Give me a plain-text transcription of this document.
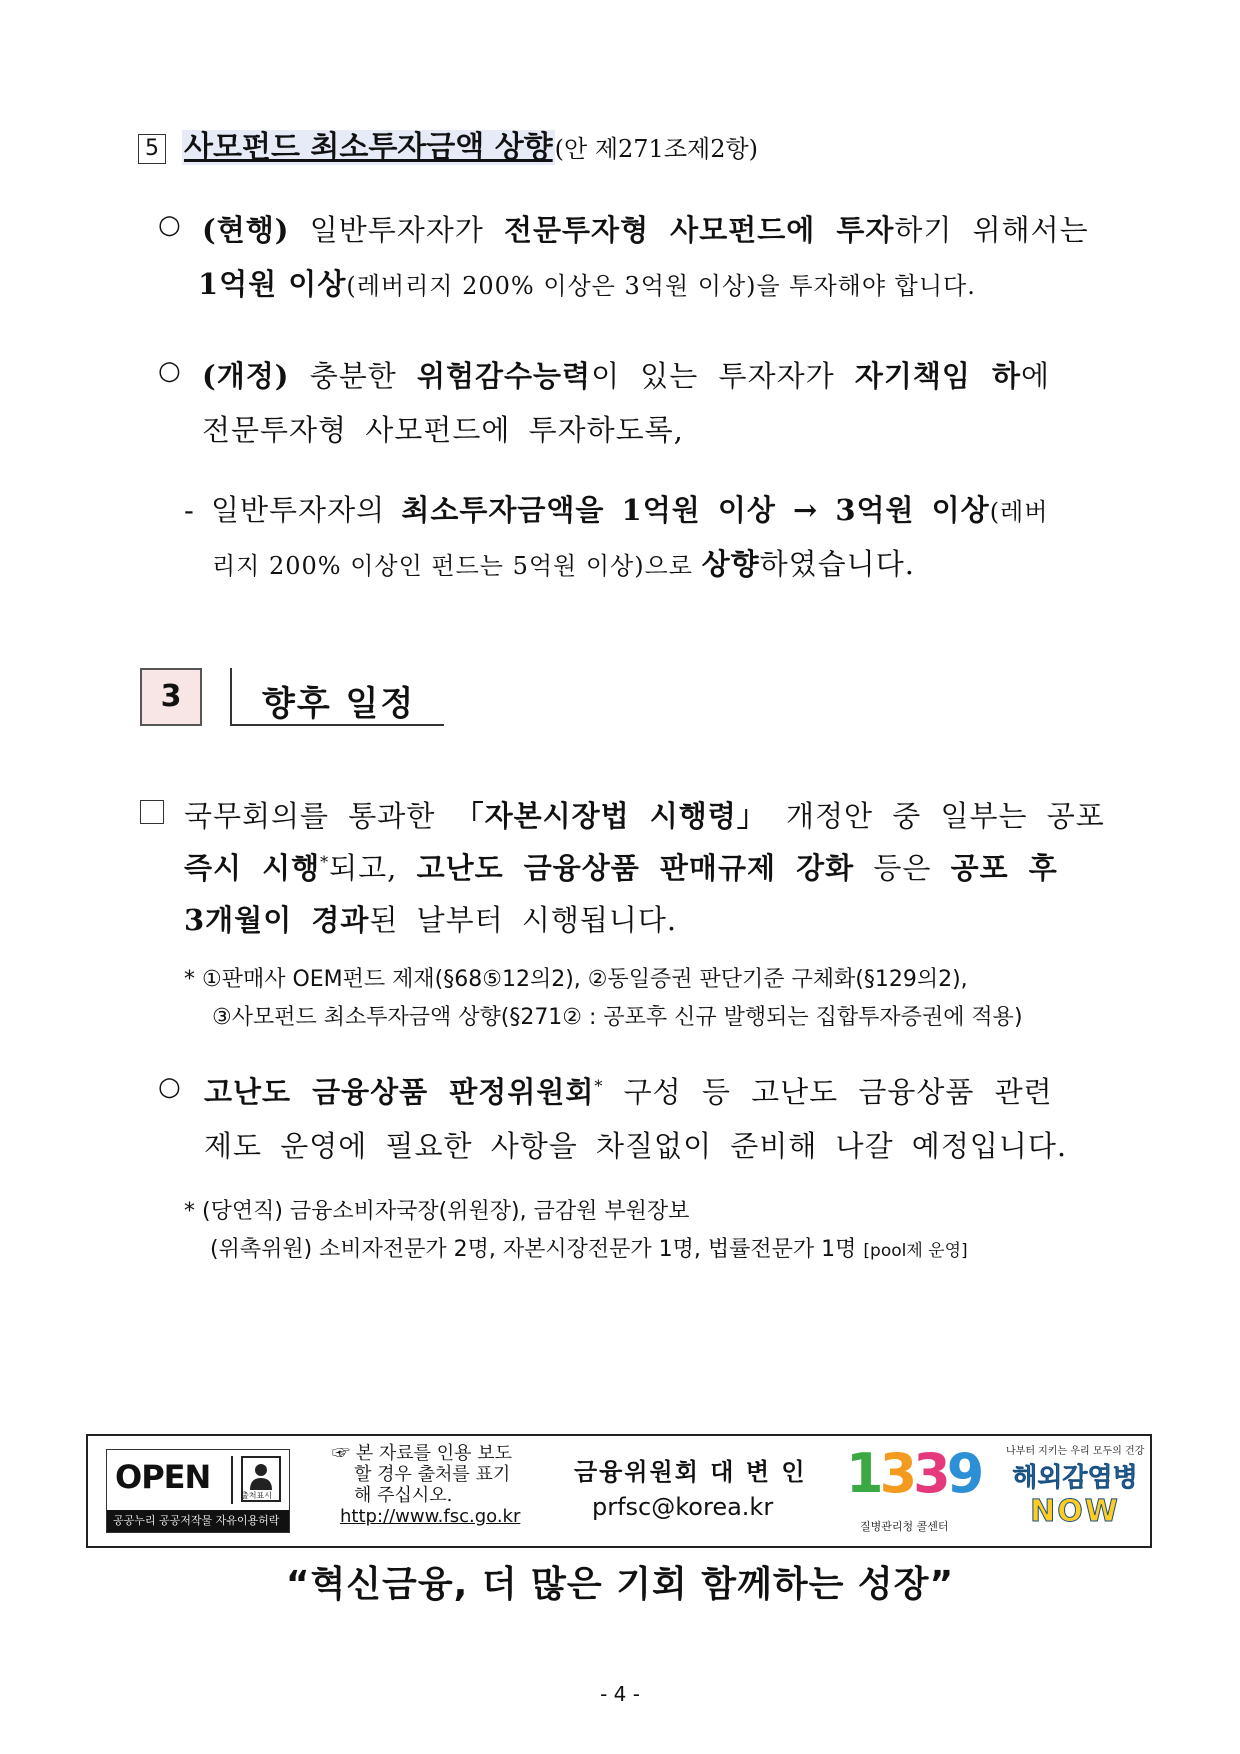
5 사모펀드 최소투자금액 상향(안 제271조제2항)
○ (현행) 일반투자자가 전문투자형 사모펀드에 투자하기 위해서는
1억원 이상(레버리지 200% 이상은 3억원 이상)을 투자해야 합니다.
○ (개정) 충분한 위험감수능력이 있는 투자자가 자기책임 하에
전문투자형 사모펀드에 투자하도록,
- 일반투자자의 최소투자금액을 1억원 이상 → 3억원 이상(레버
리지 200% 이상인 펀드는 5억원 이상)으로 상향하였습니다.
3	향후 일정
국무회의를 통과한 「자본시장법 시행령」 개정안 중 일부는 공포
즉시 시행*되고, 고난도 금융상품 판매규제 강화 등은 공포 후
3개월이 경과된 날부터 시행됩니다.
* ①판매사 OEM펀드 제재(§68⑤12의2), ②동일증권 판단기준 구체화(§129의2),
③사모펀드 최소투자금액 상향(§271② : 공포후 신규 발행되는 집합투자증권에 적용)
○ 고난도 금융상품 판정위원회* 구성 등 고난도 금융상품 관련
제도 운영에 필요한 사항을 차질없이 준비해 나갈 예정입니다.
* (당연직) 금융소비자국장(위원장), 금감원 부원장보
(위촉위원) 소비자전문가 2명, 자본시장전문가 1명, 법률전문가 1명 [pool제 운영]
OPEN	출처표시
공공누리 공공저작물 자유이용허락
☞ 본 자료를 인용 보도
할 경우 출처를 표기
해 주십시오.
http://www.fsc.go.kr
금융위원회 대 변 인
prfsc@korea.kr
1339
질병관리청 콜센터
나부터 지키는 우리 모두의 건강
해외감염병
NOW
“혁신금융, 더 많은 기회 함께하는 성장”
- 4 -
